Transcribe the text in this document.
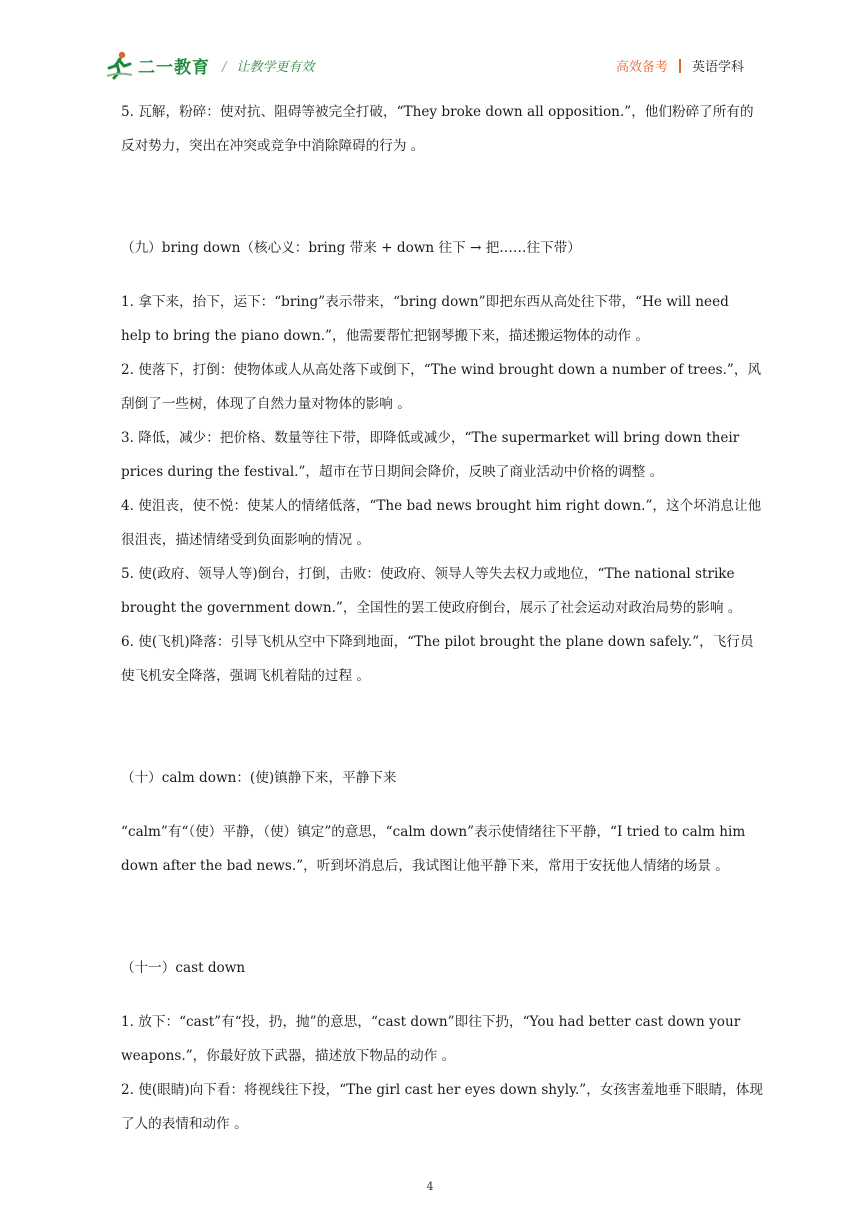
二一教育 / 让教学更有效	高效备考 英语学科

5. 瓦解，粉碎：使对抗、阻碍等被完全打破，“They broke down all opposition.”，他们粉碎了所有的反对势力，突出在冲突或竞争中消除障碍的行为 。

（九）bring down（核心义：bring 带来 + down 往下 → 把……往下带）

1. 拿下来，抬下，运下：“bring”表示带来，“bring down”即把东西从高处往下带，“He will need help to bring the piano down.”，他需要帮忙把钢琴搬下来，描述搬运物体的动作 。

2. 使落下，打倒：使物体或人从高处落下或倒下，“The wind brought down a number of trees.”，风刮倒了一些树，体现了自然力量对物体的影响 。

3. 降低，减少：把价格、数量等往下带，即降低或减少，“The supermarket will bring down their prices during the festival.”，超市在节日期间会降价，反映了商业活动中价格的调整 。

4. 使沮丧，使不悦：使某人的情绪低落，“The bad news brought him right down.”，这个坏消息让他很沮丧，描述情绪受到负面影响的情况 。

5. 使(政府、领导人等)倒台，打倒，击败：使政府、领导人等失去权力或地位，“The national strike brought the government down.”，全国性的罢工使政府倒台，展示了社会运动对政治局势的影响 。

6. 使(飞机)降落：引导飞机从空中下降到地面，“The pilot brought the plane down safely.”，飞行员使飞机安全降落，强调飞机着陆的过程 。

（十）calm down：(使)镇静下来，平静下来

“calm”有“（使）平静，（使）镇定”的意思，“calm down”表示使情绪往下平静，“I tried to calm him down after the bad news.”，听到坏消息后，我试图让他平静下来，常用于安抚他人情绪的场景 。

（十一）cast down

1. 放下：“cast”有“投，扔，抛”的意思，“cast down”即往下扔，“You had better cast down your weapons.”，你最好放下武器，描述放下物品的动作 。

2. 使(眼睛)向下看：将视线往下投，“The girl cast her eyes down shyly.”，女孩害羞地垂下眼睛，体现了人的表情和动作 。

4
